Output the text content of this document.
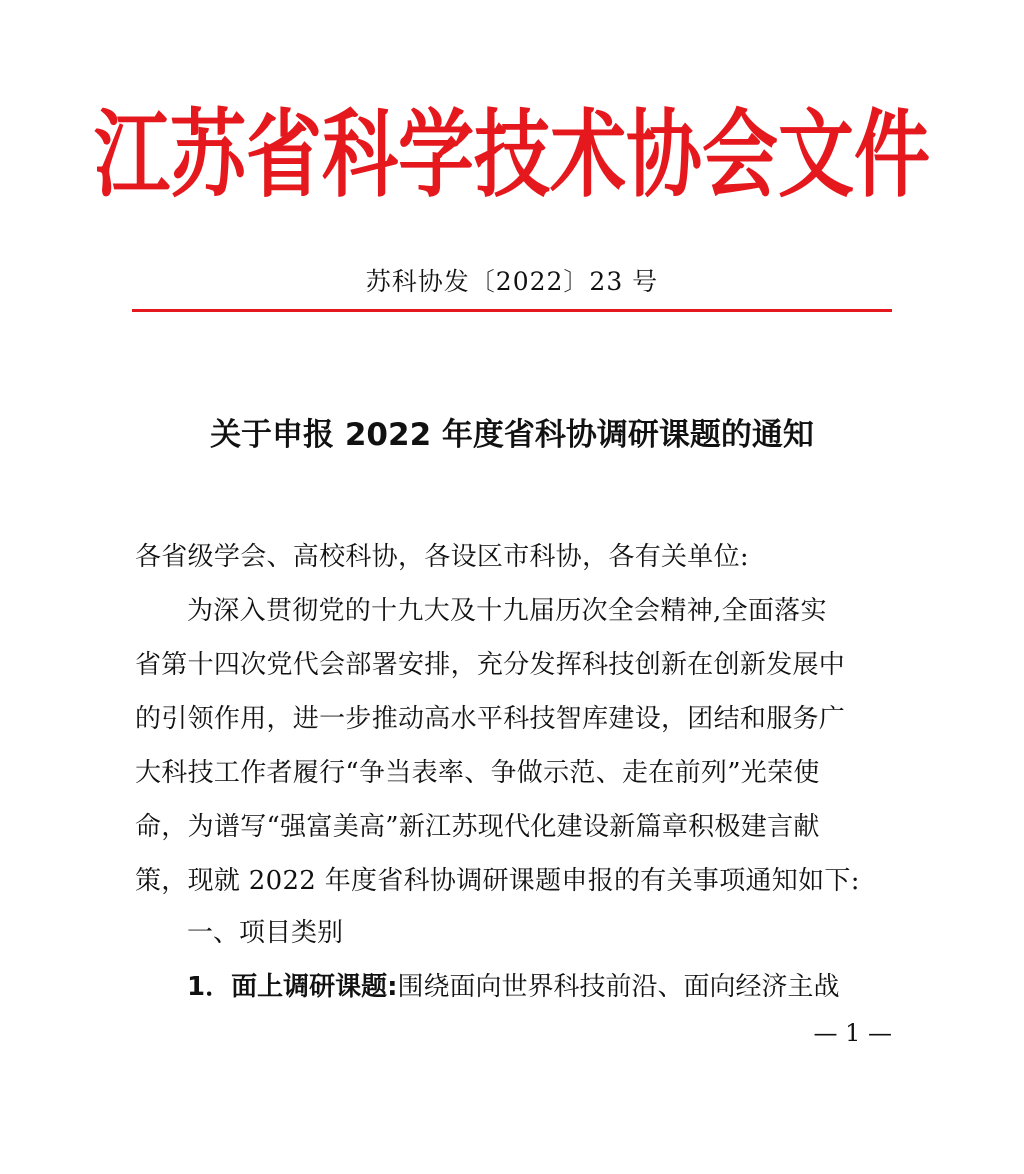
江苏省科学技术协会文件
苏科协发〔2022〕23 号
关于申报 2022 年度省科协调研课题的通知
各省级学会、高校科协，各设区市科协，各有关单位:
为深入贯彻党的十九大及十九届历次全会精神,全面落实
省第十四次党代会部署安排，充分发挥科技创新在创新发展中
的引领作用，进一步推动高水平科技智库建设，团结和服务广
大科技工作者履行“争当表率、争做示范、走在前列”光荣使
命，为谱写“强富美高”新江苏现代化建设新篇章积极建言献
策，现就 2022 年度省科协调研课题申报的有关事项通知如下:
一、项目类别
1．面上调研课题:围绕面向世界科技前沿、面向经济主战
— 1 —
